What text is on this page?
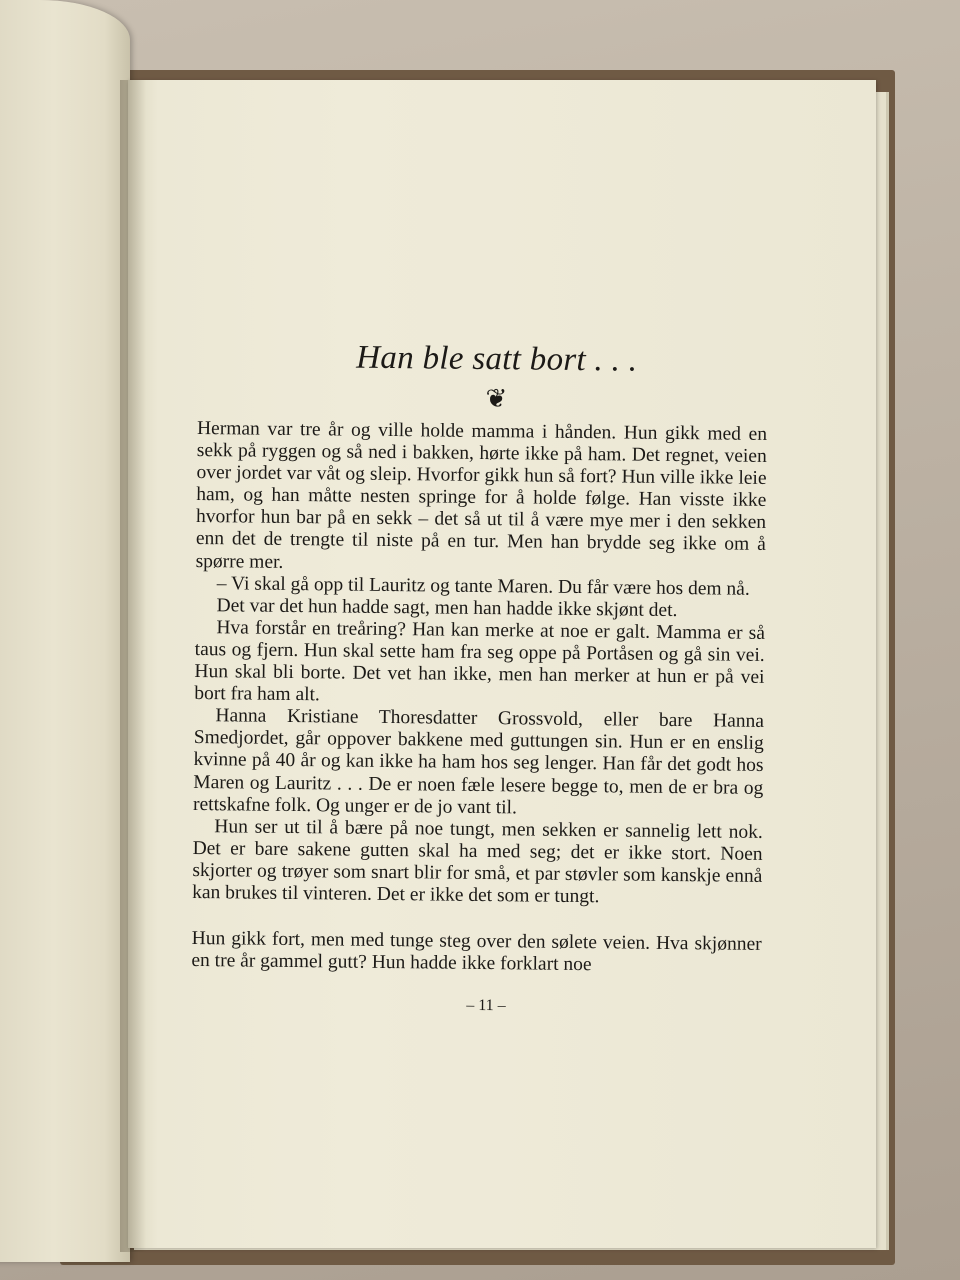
Han ble satt bort . . .
❦

Herman var tre år og ville holde mamma i hånden. Hun gikk med en sekk på ryggen og så ned i bakken, hørte ikke på ham. Det regnet, veien over jordet var våt og sleip. Hvorfor gikk hun så fort? Hun ville ikke leie ham, og han måtte nesten springe for å holde følge. Han visste ikke hvorfor hun bar på en sekk – det så ut til å være mye mer i den sekken enn det de trengte til niste på en tur. Men han brydde seg ikke om å spørre mer.

– Vi skal gå opp til Lauritz og tante Maren. Du får være hos dem nå.

Det var det hun hadde sagt, men han hadde ikke skjønt det.

Hva forstår en treåring? Han kan merke at noe er galt. Mamma er så taus og fjern. Hun skal sette ham fra seg oppe på Portåsen og gå sin vei. Hun skal bli borte. Det vet han ikke, men han merker at hun er på vei bort fra ham alt.

Hanna Kristiane Thoresdatter Grossvold, eller bare Hanna Smedjordet, går oppover bakkene med guttungen sin. Hun er en enslig kvinne på 40 år og kan ikke ha ham hos seg lenger. Han får det godt hos Maren og Lauritz . . . De er noen fæle lesere begge to, men de er bra og rettskafne folk. Og unger er de jo vant til.

Hun ser ut til å bære på noe tungt, men sekken er sannelig lett nok. Det er bare sakene gutten skal ha med seg; det er ikke stort. Noen skjorter og trøyer som snart blir for små, et par støvler som kanskje ennå kan brukes til vinteren. Det er ikke det som er tungt.

Hun gikk fort, men med tunge steg over den sølete veien. Hva skjønner en tre år gammel gutt? Hun hadde ikke forklart noe

– 11 –
